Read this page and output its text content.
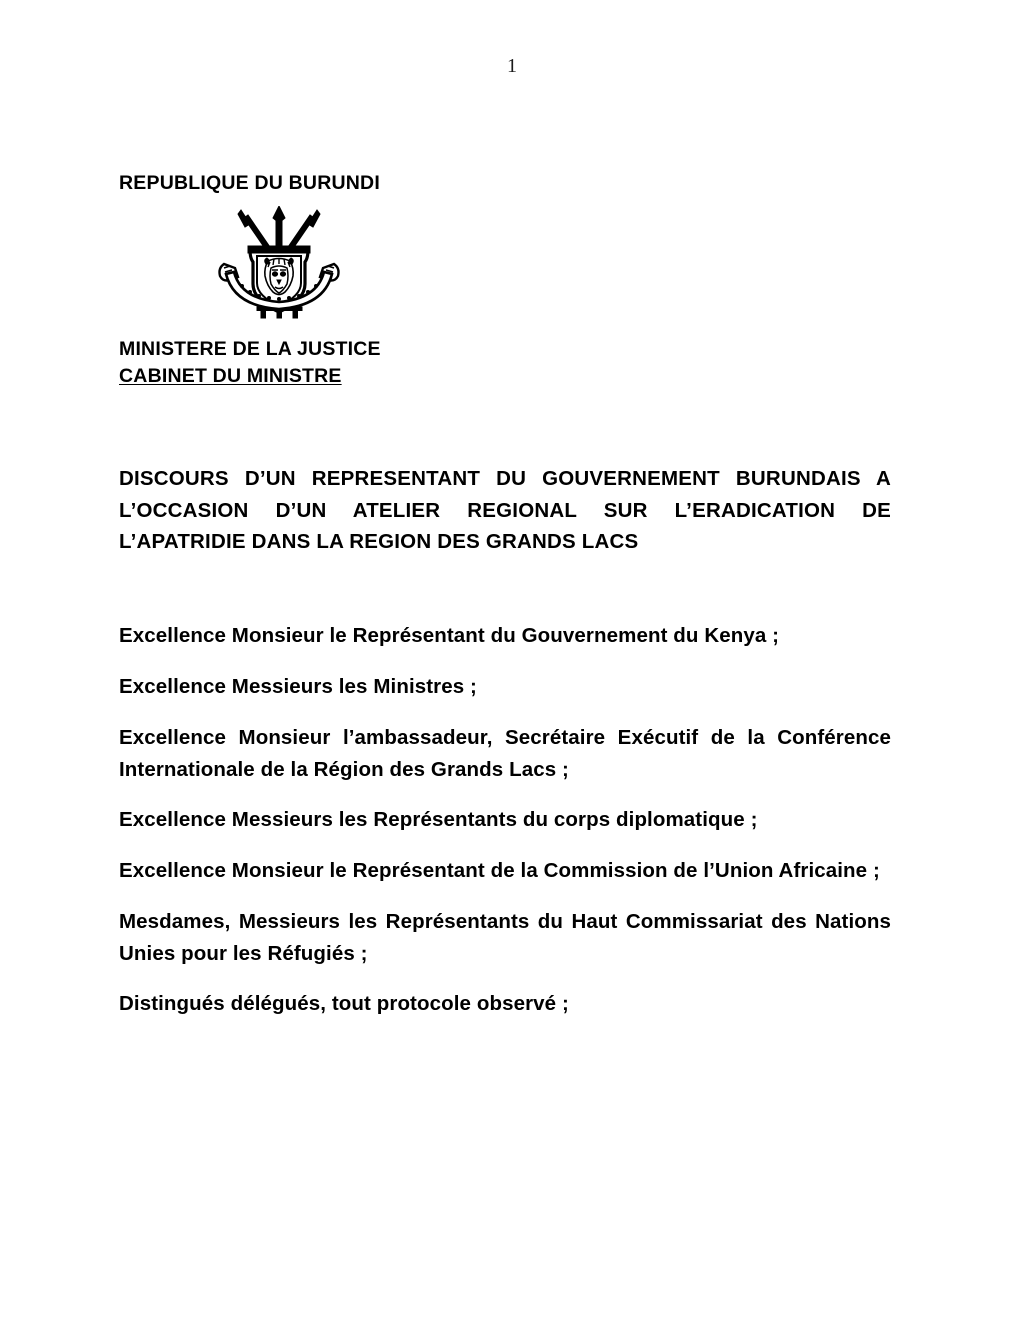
1

REPUBLIQUE DU BURUNDI

MINISTERE DE LA JUSTICE

CABINET DU MINISTRE

DISCOURS D’UN REPRESENTANT DU GOUVERNEMENT BURUNDAIS A L’OCCASION D’UN ATELIER REGIONAL SUR L’ERADICATION DE L’APATRIDIE DANS LA REGION DES GRANDS LACS

Excellence Monsieur le Représentant du Gouvernement du Kenya ;

Excellence Messieurs les Ministres ;

Excellence Monsieur l’ambassadeur, Secrétaire Exécutif de la Conférence Internationale de la Région des Grands Lacs ;

Excellence Messieurs les Représentants du corps diplomatique ;

Excellence Monsieur le Représentant de la Commission de l’Union Africaine ;

Mesdames, Messieurs les Représentants du Haut Commissariat des Nations Unies pour les Réfugiés ;

Distingués délégués, tout protocole observé ;
